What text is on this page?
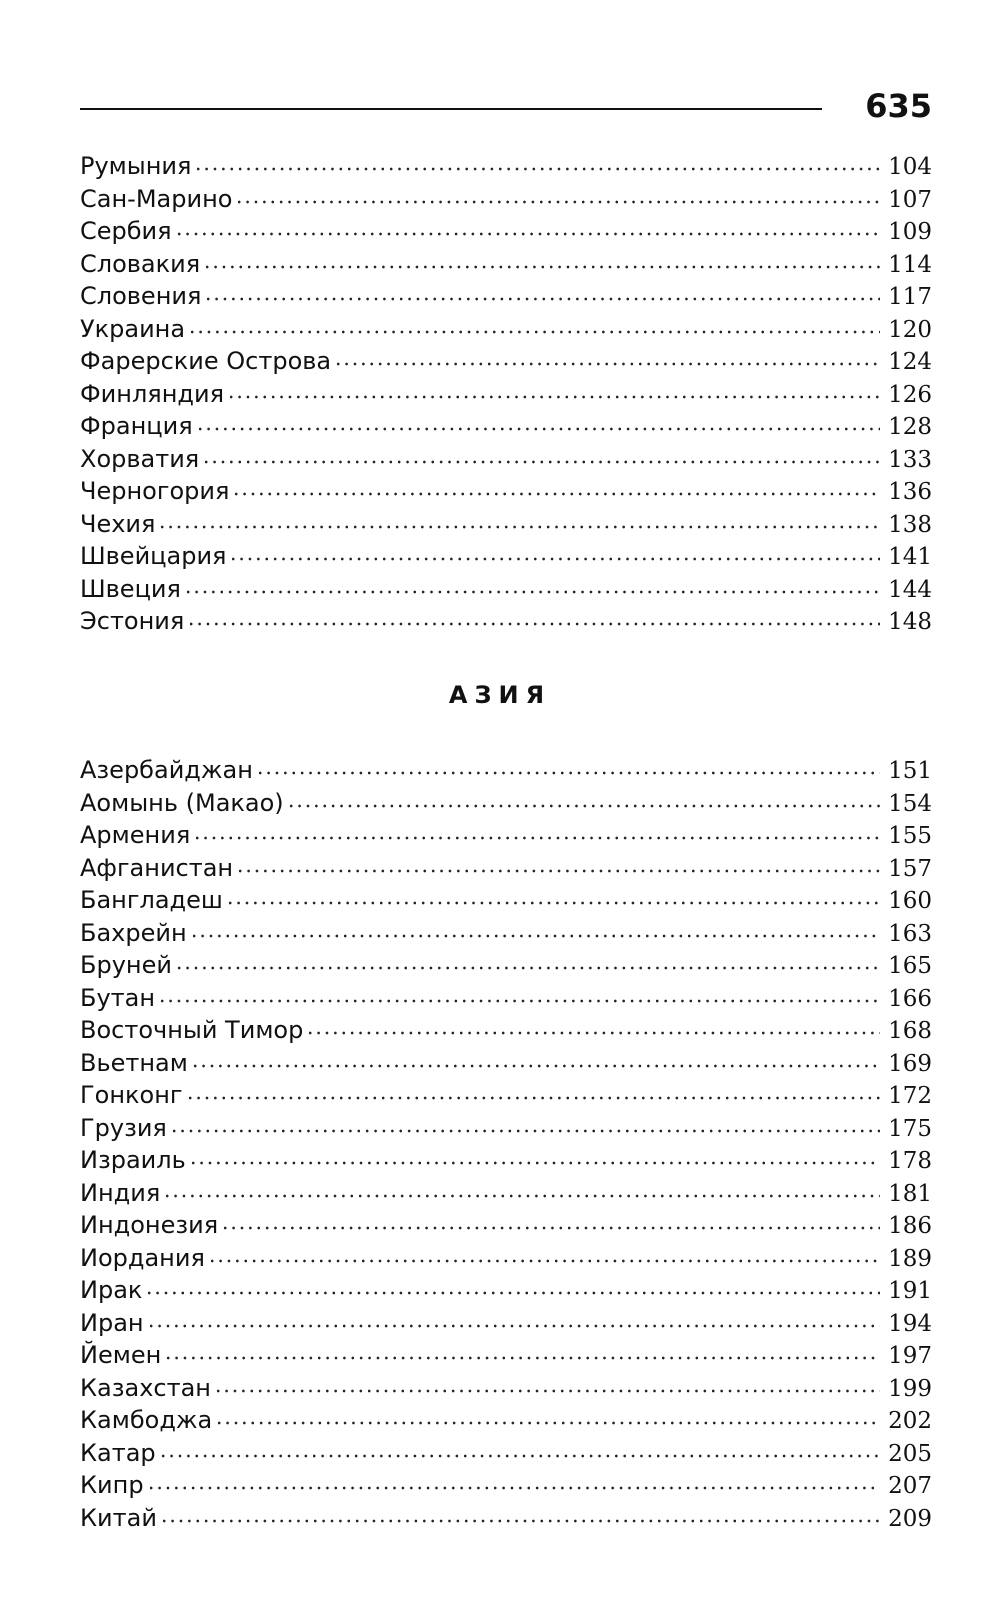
635
Румыния	104
Сан-Марино	107
Сербия	109
Словакия	114
Словения	117
Украина	120
Фарерские Острова	124
Финляндия	126
Франция	128
Хорватия	133
Черногория	136
Чехия	138
Швейцария	141
Швеция	144
Эстония	148
АЗИЯ
Азербайджан	151
Аомынь (Макао)	154
Армения	155
Афганистан	157
Бангладеш	160
Бахрейн	163
Бруней	165
Бутан	166
Восточный Тимор	168
Вьетнам	169
Гонконг	172
Грузия	175
Израиль	178
Индия	181
Индонезия	186
Иордания	189
Ирак	191
Иран	194
Йемен	197
Казахстан	199
Камбоджа	202
Катар	205
Кипр	207
Китай	209
